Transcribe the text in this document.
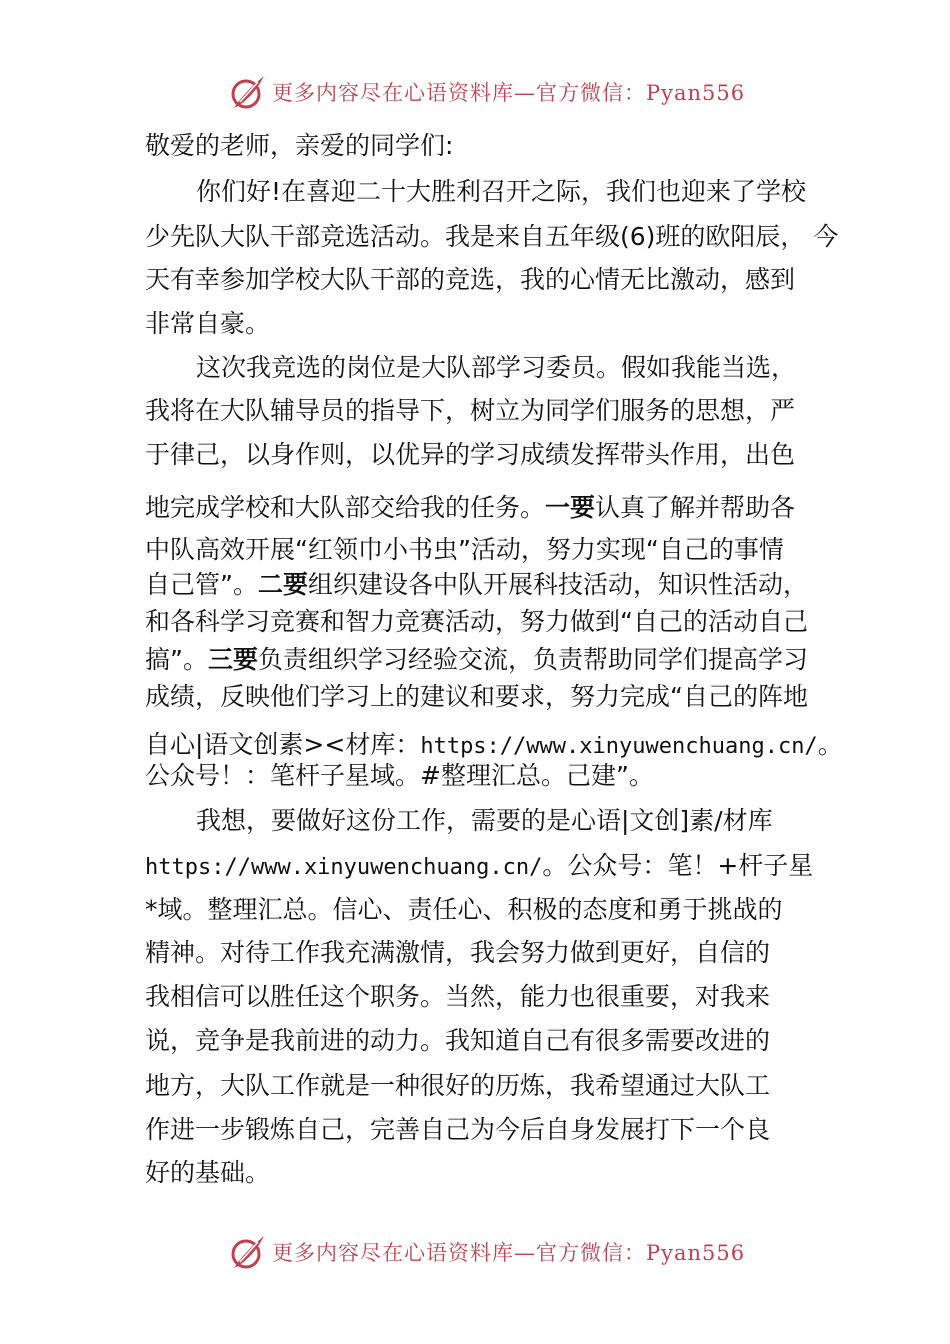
更多内容尽在心语资料库—官方微信：Pyan556
敬爱的老师，亲爱的同学们:
你们好!在喜迎二十大胜利召开之际，我们也迎来了学校
少先队大队干部竞选活动。我是来自五年级(6)班的欧阳辰， 今
天有幸参加学校大队干部的竞选，我的心情无比激动，感到
非常自豪。
这次我竞选的岗位是大队部学习委员。假如我能当选，
我将在大队辅导员的指导下，树立为同学们服务的思想，严
于律己，以身作则，以优异的学习成绩发挥带头作用，出色
地完成学校和大队部交给我的任务。一要认真了解并帮助各
中队高效开展“红领巾小书虫”活动，努力实现“自己的事情
自己管”。二要组织建设各中队开展科技活动，知识性活动，
和各科学习竞赛和智力竞赛活动，努力做到“自己的活动自己
搞”。三要负责组织学习经验交流，负责帮助同学们提高学习
成绩，反映他们学习上的建议和要求，努力完成“自己的阵地
自心|语文创素><材库：https://www.xinyuwenchuang.cn/。
公众号！：笔杆子星域。#整理汇总。己建”。
我想，要做好这份工作，需要的是心语|文创]素/材库
https://www.xinyuwenchuang.cn/。公众号：笔！+杆子星
*域。整理汇总。信心、责任心、积极的态度和勇于挑战的
精神。对待工作我充满激情，我会努力做到更好，自信的
我相信可以胜任这个职务。当然，能力也很重要，对我来
说，竞争是我前进的动力。我知道自己有很多需要改进的
地方，大队工作就是一种很好的历炼，我希望通过大队工
作进一步锻炼自己，完善自己为今后自身发展打下一个良
好的基础。
更多内容尽在心语资料库—官方微信：Pyan556
